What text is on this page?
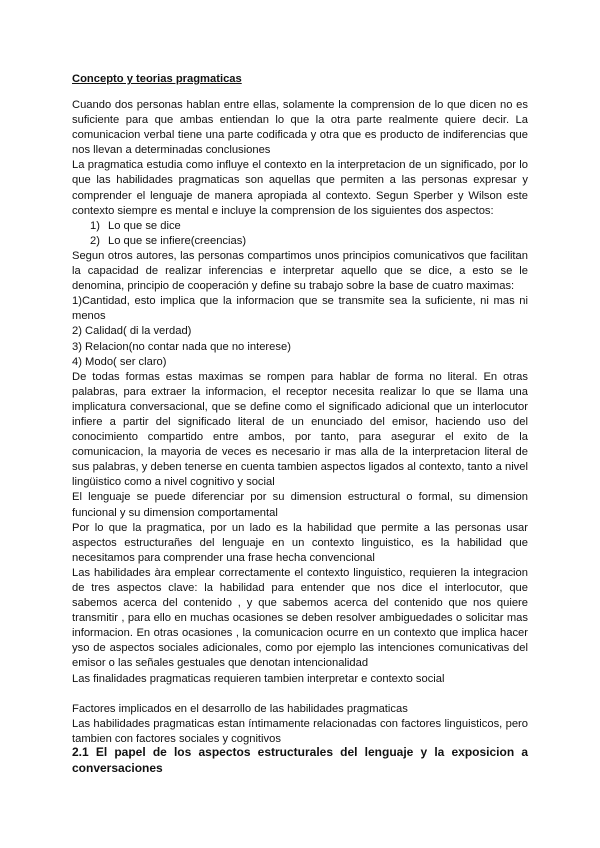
Concepto y teorias pragmaticas

Cuando dos personas hablan entre ellas, solamente la comprension de lo que dicen no es suficiente para que ambas entiendan lo que la otra parte realmente quiere decir. La comunicacion verbal tiene una parte codificada y otra que es producto de indiferencias que nos llevan a determinadas conclusiones

La pragmatica estudia como influye el contexto en la interpretacion de un significado, por lo que las habilidades pragmaticas son aquellas que permiten a las personas expresar y comprender el lenguaje de manera apropiada al contexto. Segun Sperber y Wilson este contexto siempre es mental e incluye la comprension de los siguientes dos aspectos:

1) Lo que se dice
2) Lo que se infiere(creencias)

Segun otros autores, las personas compartimos unos principios comunicativos que facilitan la capacidad de realizar inferencias e interpretar aquello que se dice, a esto se le denomina, principio de cooperación y define su trabajo sobre la base de cuatro maximas:

1)Cantidad, esto implica que la informacion que se transmite sea la suficiente, ni mas ni menos

2) Calidad( di la verdad)

3) Relacion(no contar nada que no interese)

4) Modo( ser claro)

De todas formas estas maximas se rompen para hablar de forma no literal. En otras palabras, para extraer la informacion, el receptor necesita realizar lo que se llama una implicatura conversacional, que se define como el significado adicional que un interlocutor infiere a partir del significado literal de un enunciado del emisor, haciendo uso del conocimiento compartido entre ambos, por tanto, para asegurar el exito de la comunicacion, la mayoria de veces es necesario ir mas alla de la interpretacion literal de sus palabras, y deben tenerse en cuenta tambien aspectos ligados al contexto, tanto a nivel lingüistico como a nivel cognitivo y social

El lenguaje se puede diferenciar por su dimension estructural o formal, su dimension funcional y su dimension comportamental

Por lo que la pragmatica, por un lado es la habilidad que permite a las personas usar aspectos estructurañes del lenguaje en un contexto linguistico, es la habilidad que necesitamos para comprender una frase hecha convencional

Las habilidades àra emplear correctamente el contexto linguistico, requieren la integracion de tres aspectos clave: la habilidad para entender que nos dice el interlocutor, que sabemos acerca del contenido , y que sabemos acerca del contenido que nos quiere transmitir , para ello en muchas ocasiones se deben resolver ambiguedades o solicitar mas informacion. En otras ocasiones , la comunicacion ocurre en un contexto que implica hacer yso de aspectos sociales adicionales, como por ejemplo las intenciones comunicativas del emisor o las señales gestuales que denotan intencionalidad

Las finalidades pragmaticas requieren tambien interpretar e contexto social

Factores implicados en el desarrollo de las habilidades pragmaticas

Las habilidades pragmaticas estan íntimamente relacionadas con factores linguisticos, pero tambien con factores sociales y cognitivos

2.1 El papel de los aspectos estructurales del lenguaje y la exposicion a conversaciones
